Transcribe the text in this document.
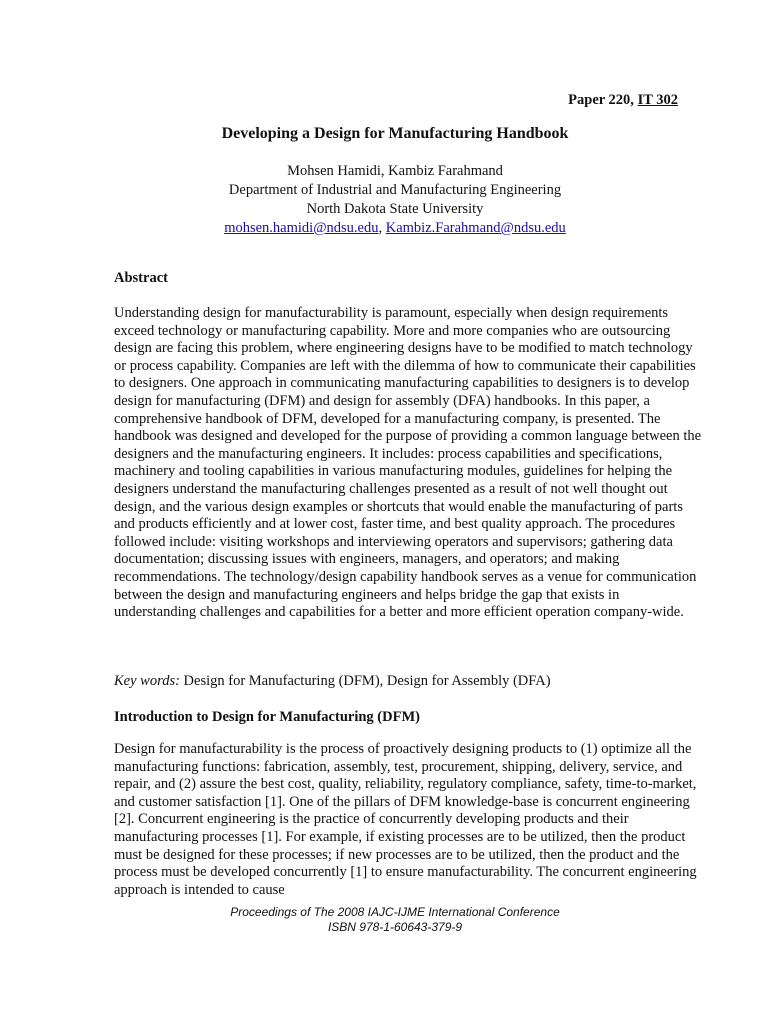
Paper 220, IT 302
Developing a Design for Manufacturing Handbook
Mohsen Hamidi, Kambiz Farahmand
Department of Industrial and Manufacturing Engineering
North Dakota State University
mohsen.hamidi@ndsu.edu, Kambiz.Farahmand@ndsu.edu
Abstract

Understanding design for manufacturability is paramount, especially when design requirements exceed technology or manufacturing capability. More and more companies who are outsourcing design are facing this problem, where engineering designs have to be modified to match technology or process capability. Companies are left with the dilemma of how to communicate their capabilities to designers. One approach in communicating manufacturing capabilities to designers is to develop design for manufacturing (DFM) and design for assembly (DFA) handbooks. In this paper, a comprehensive handbook of DFM, developed for a manufacturing company, is presented. The handbook was designed and developed for the purpose of providing a common language between the designers and the manufacturing engineers. It includes: process capabilities and specifications, machinery and tooling capabilities in various manufacturing modules, guidelines for helping the designers understand the manufacturing challenges presented as a result of not well thought out design, and the various design examples or shortcuts that would enable the manufacturing of parts and products efficiently and at lower cost, faster time, and best quality approach. The procedures followed include: visiting workshops and interviewing operators and supervisors; gathering data documentation; discussing issues with engineers, managers, and operators; and making recommendations. The technology/design capability handbook serves as a venue for communication between the design and manufacturing engineers and helps bridge the gap that exists in understanding challenges and capabilities for a better and more efficient operation company-wide.

Key words: Design for Manufacturing (DFM), Design for Assembly (DFA)
Introduction to Design for Manufacturing (DFM)

Design for manufacturability is the process of proactively designing products to (1) optimize all the manufacturing functions: fabrication, assembly, test, procurement, shipping, delivery, service, and repair, and (2) assure the best cost, quality, reliability, regulatory compliance, safety, time-to-market, and customer satisfaction [1]. One of the pillars of DFM knowledge-base is concurrent engineering [2]. Concurrent engineering is the practice of concurrently developing products and their manufacturing processes [1]. For example, if existing processes are to be utilized, then the product must be designed for these processes; if new processes are to be utilized, then the product and the process must be developed concurrently [1] to ensure manufacturability. The concurrent engineering approach is intended to cause

Proceedings of The 2008 IAJC-IJME International Conference
ISBN 978-1-60643-379-9
